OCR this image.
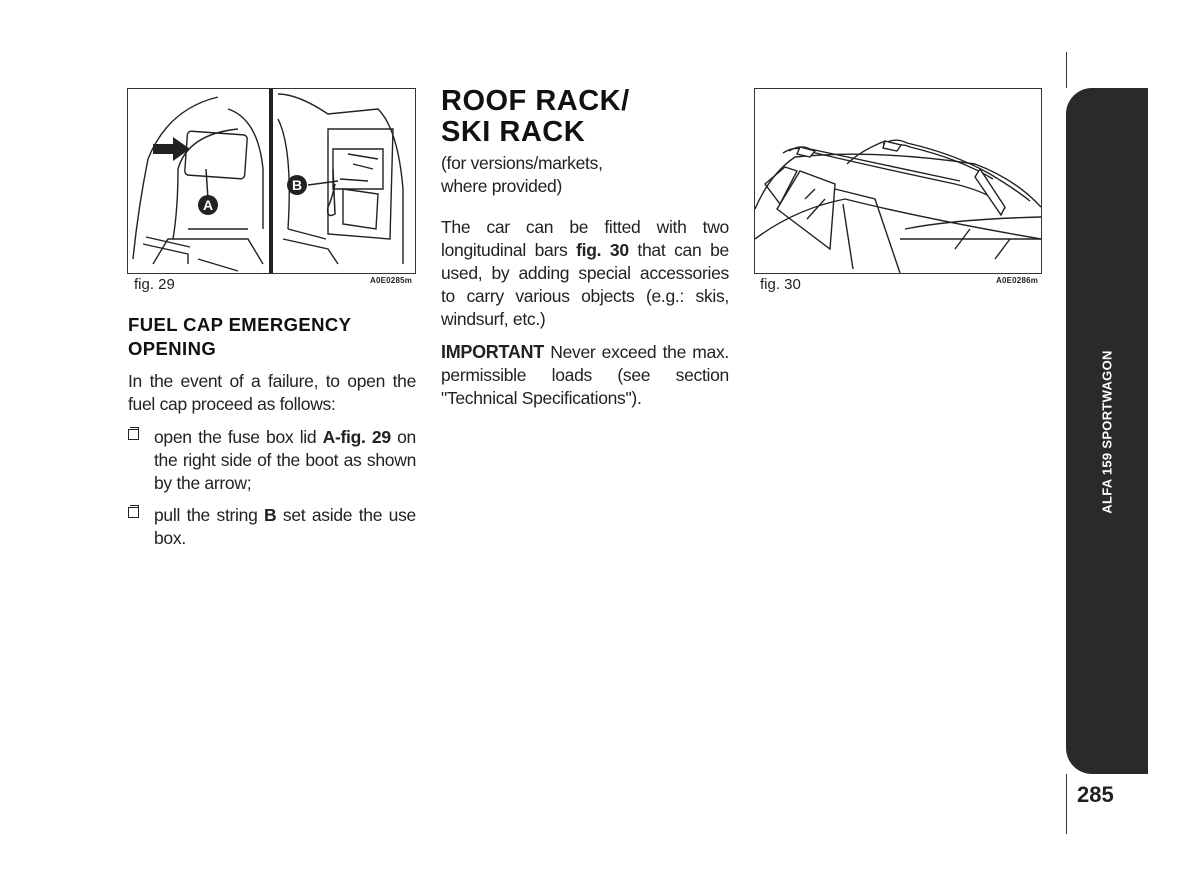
A
B
fig. 29	A0E0285m
FUEL CAP EMERGENCY
OPENING
In the event of a failure, to open the fuel cap proceed as follows:
open the fuse box lid A-fig. 29 on the right side of the boot as shown by the arrow;
pull the string B set aside the use box.
ROOF RACK/
SKI RACK
(for versions/markets, where provided)
The car can be fitted with two longitudinal bars fig. 30 that can be used, by adding special accessories to carry various objects (e.g.: skis, windsurf, etc.)
IMPORTANT Never exceed the max. permissible loads (see section "Technical Specifications").
fig. 30	A0E0286m
ALFA 159 SPORTWAGON
285
